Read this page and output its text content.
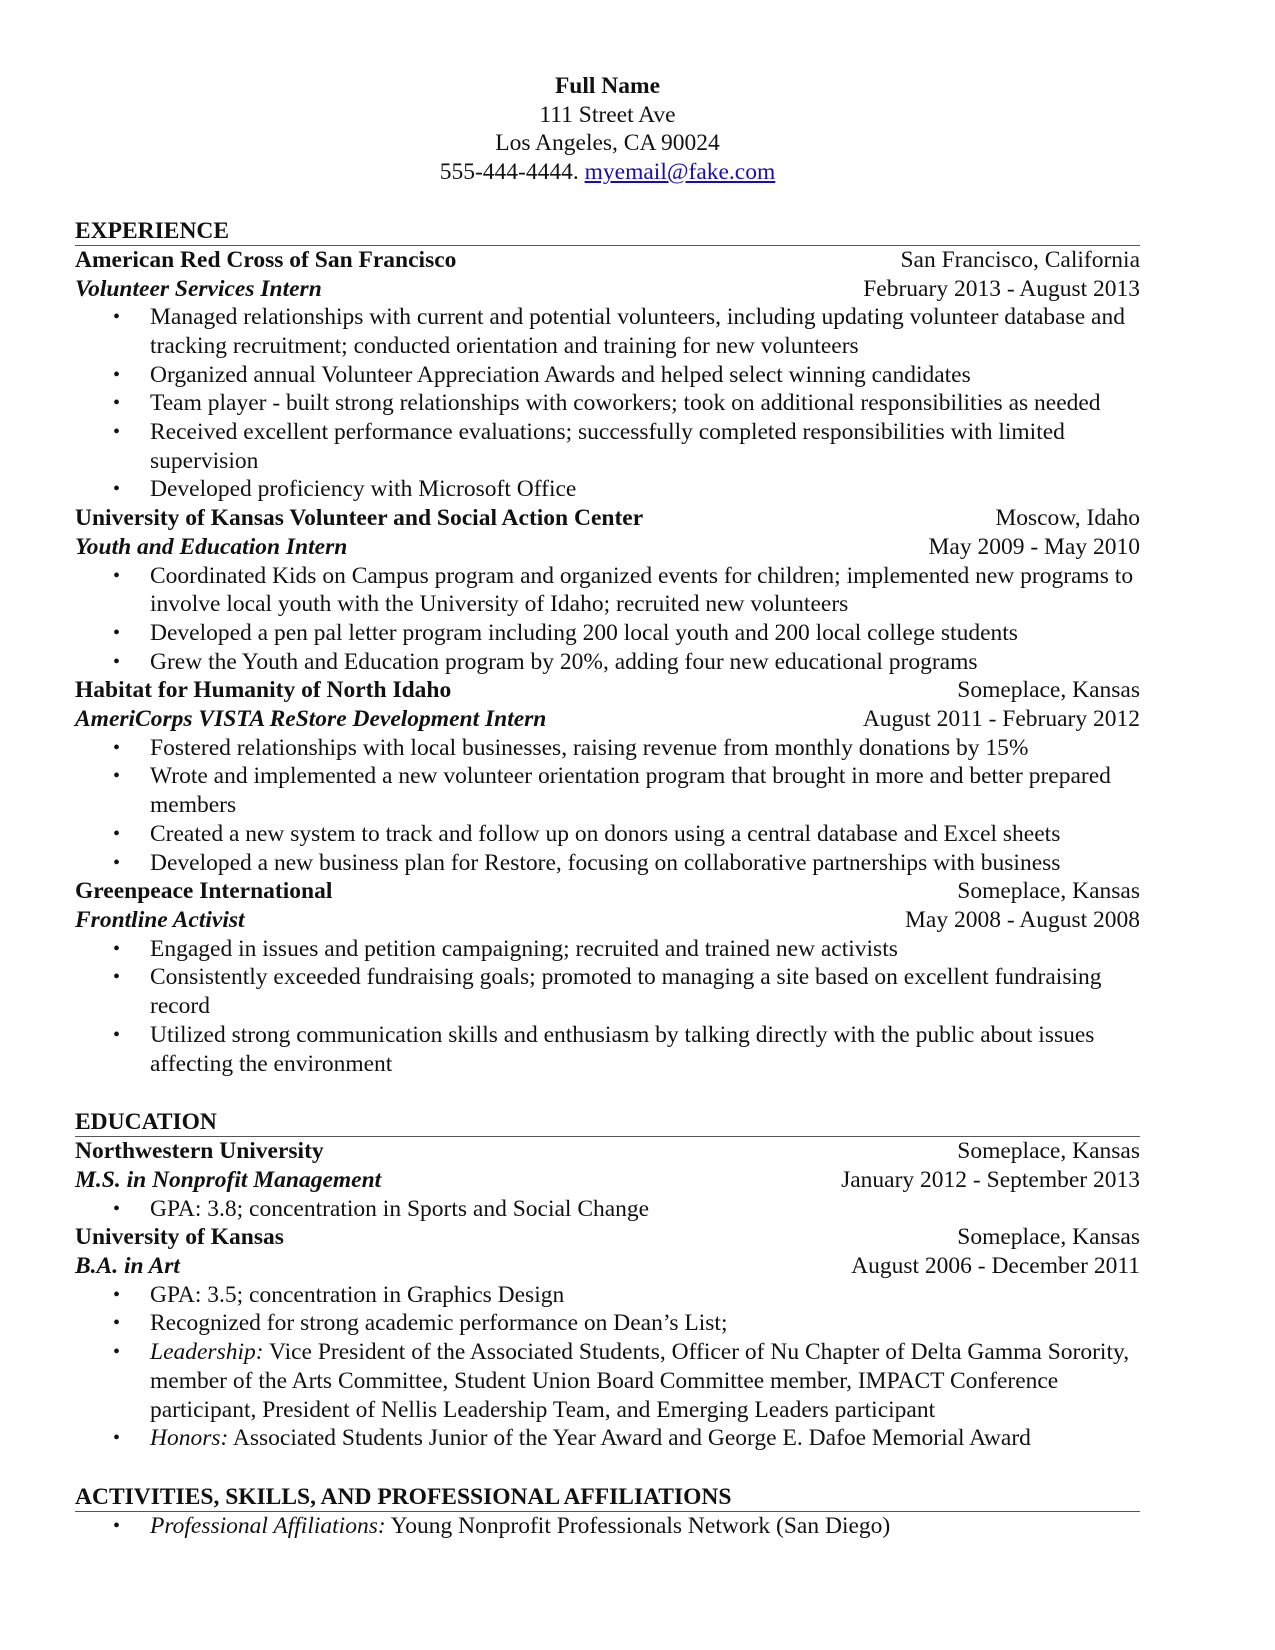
Full Name
111 Street Ave
Los Angeles, CA 90024
555-444-4444. myemail@fake.com
EXPERIENCE
American Red Cross of San Francisco	San Francisco, California
Volunteer Services Intern	February 2013 - August 2013
• Managed relationships with current and potential volunteers, including updating volunteer database and tracking recruitment; conducted orientation and training for new volunteers
• Organized annual Volunteer Appreciation Awards and helped select winning candidates
• Team player - built strong relationships with coworkers; took on additional responsibilities as needed
• Received excellent performance evaluations; successfully completed responsibilities with limited supervision
• Developed proficiency with Microsoft Office
University of Kansas Volunteer and Social Action Center	Moscow, Idaho
Youth and Education Intern	May 2009 - May 2010
• Coordinated Kids on Campus program and organized events for children; implemented new programs to involve local youth with the University of Idaho; recruited new volunteers
• Developed a pen pal letter program including 200 local youth and 200 local college students
• Grew the Youth and Education program by 20%, adding four new educational programs
Habitat for Humanity of North Idaho	Someplace, Kansas
AmeriCorps VISTA ReStore Development Intern	August 2011 - February 2012
• Fostered relationships with local businesses, raising revenue from monthly donations by 15%
• Wrote and implemented a new volunteer orientation program that brought in more and better prepared members
• Created a new system to track and follow up on donors using a central database and Excel sheets
• Developed a new business plan for Restore, focusing on collaborative partnerships with business
Greenpeace International	Someplace, Kansas
Frontline Activist	May 2008 - August 2008
• Engaged in issues and petition campaigning; recruited and trained new activists
• Consistently exceeded fundraising goals; promoted to managing a site based on excellent fundraising record
• Utilized strong communication skills and enthusiasm by talking directly with the public about issues affecting the environment
EDUCATION
Northwestern University	Someplace, Kansas
M.S. in Nonprofit Management	January 2012 - September 2013
• GPA: 3.8; concentration in Sports and Social Change
University of Kansas	Someplace, Kansas
B.A. in Art	August 2006 - December 2011
• GPA: 3.5; concentration in Graphics Design
• Recognized for strong academic performance on Dean’s List;
• Leadership: Vice President of the Associated Students, Officer of Nu Chapter of Delta Gamma Sorority, member of the Arts Committee, Student Union Board Committee member, IMPACT Conference participant, President of Nellis Leadership Team, and Emerging Leaders participant
• Honors: Associated Students Junior of the Year Award and George E. Dafoe Memorial Award
ACTIVITIES, SKILLS, AND PROFESSIONAL AFFILIATIONS
• Professional Affiliations: Young Nonprofit Professionals Network (San Diego)
